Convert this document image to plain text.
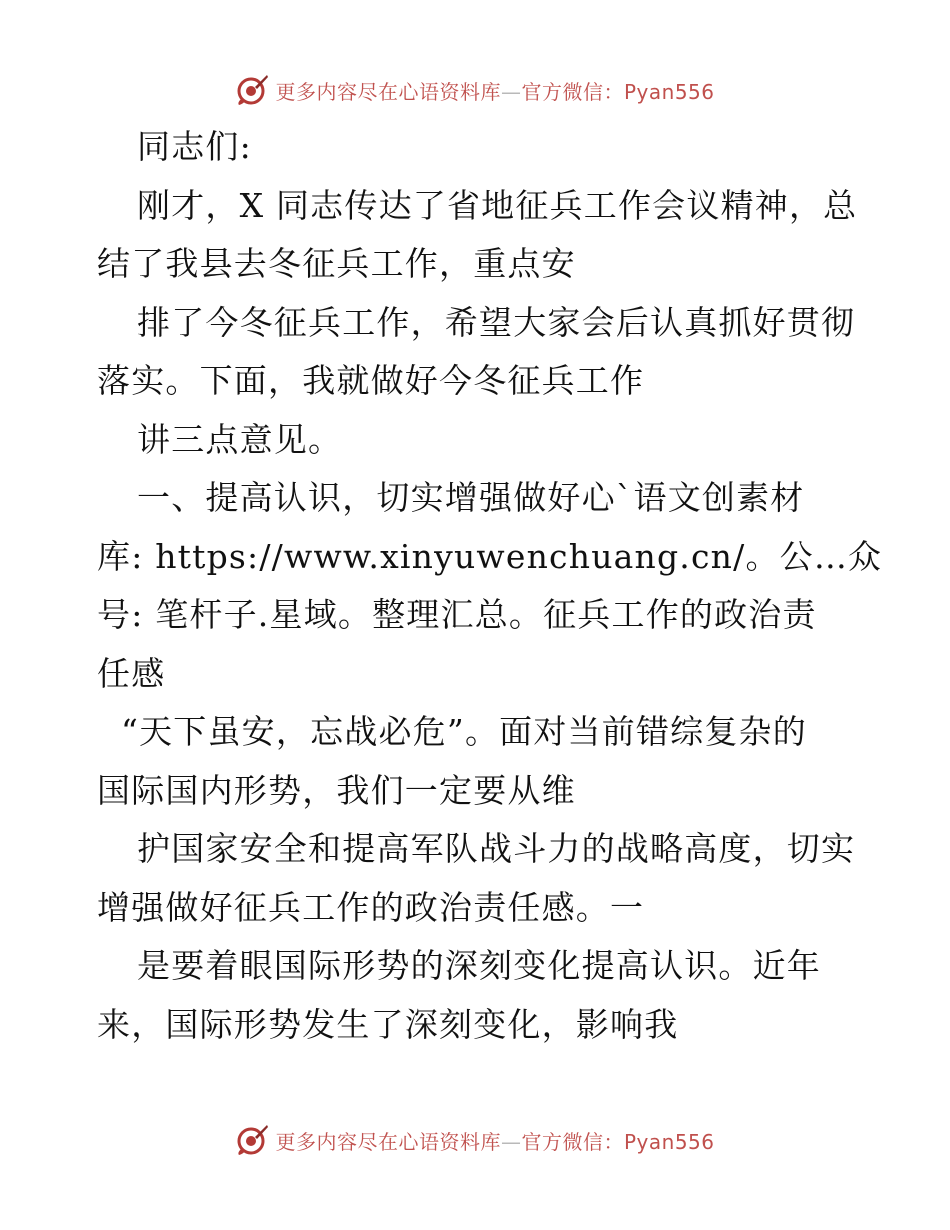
更多内容尽在心语资料库—官方微信：Pyan556
同志们:
刚才，X 同志传达了省地征兵工作会议精神，总
结了我县去冬征兵工作，重点安
排了今冬征兵工作，希望大家会后认真抓好贯彻
落实。下面，我就做好今冬征兵工作
讲三点意见。
一、提高认识，切实增强做好心`语文创素材
库: https://www.xinyuwenchuang.cn/。公…众
号: 笔杆子.星域。整理汇总。征兵工作的政治责
任感
“天下虽安，忘战必危”。面对当前错综复杂的
国际国内形势，我们一定要从维
护国家安全和提高军队战斗力的战略高度，切实
增强做好征兵工作的政治责任感。一
是要着眼国际形势的深刻变化提高认识。近年
来，国际形势发生了深刻变化，影响我
更多内容尽在心语资料库—官方微信：Pyan556
